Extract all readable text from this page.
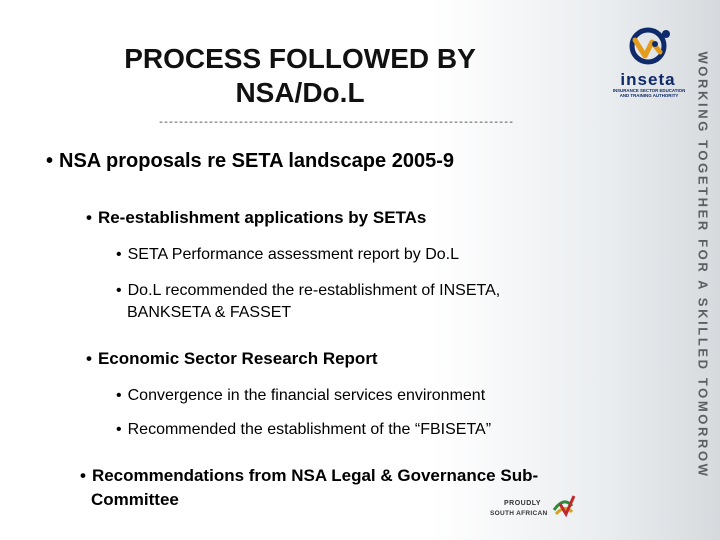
PROCESS FOLLOWED BY
NSA/Do.L
-----------------------------------------------------------------------
inseta
INSURANCE SECTOR EDUCATION
AND TRAINING AUTHORITY	WORKING TOGETHER FOR A SKILLED TOMORROW
• NSA proposals re SETA landscape 2005-9
• Re-establishment applications by SETAs
• SETA Performance assessment report by Do.L
• Do.L recommended the re-establishment of INSETA,
BANKSETA & FASSET
• Economic Sector Research Report
• Convergence in the financial services environment
• Recommended the establishment of the “FBISETA”
• Recommendations from NSA Legal & Governance Sub-
Committee	PROUDLY
SOUTH AFRICAN
